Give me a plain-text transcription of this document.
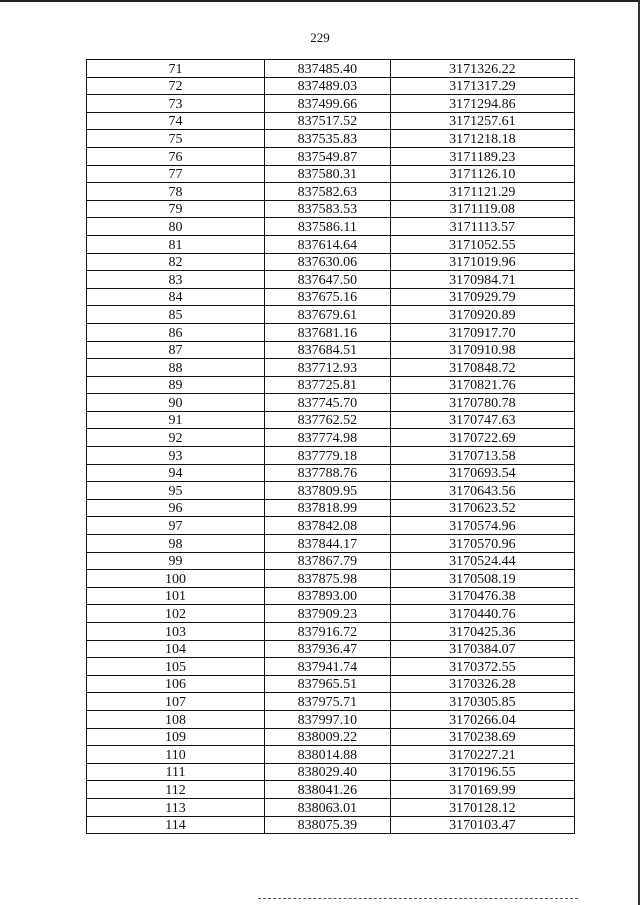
229
71	837485.40	3171326.22
72	837489.03	3171317.29
73	837499.66	3171294.86
74	837517.52	3171257.61
75	837535.83	3171218.18
76	837549.87	3171189.23
77	837580.31	3171126.10
78	837582.63	3171121.29
79	837583.53	3171119.08
80	837586.11	3171113.57
81	837614.64	3171052.55
82	837630.06	3171019.96
83	837647.50	3170984.71
84	837675.16	3170929.79
85	837679.61	3170920.89
86	837681.16	3170917.70
87	837684.51	3170910.98
88	837712.93	3170848.72
89	837725.81	3170821.76
90	837745.70	3170780.78
91	837762.52	3170747.63
92	837774.98	3170722.69
93	837779.18	3170713.58
94	837788.76	3170693.54
95	837809.95	3170643.56
96	837818.99	3170623.52
97	837842.08	3170574.96
98	837844.17	3170570.96
99	837867.79	3170524.44
100	837875.98	3170508.19
101	837893.00	3170476.38
102	837909.23	3170440.76
103	837916.72	3170425.36
104	837936.47	3170384.07
105	837941.74	3170372.55
106	837965.51	3170326.28
107	837975.71	3170305.85
108	837997.10	3170266.04
109	838009.22	3170238.69
110	838014.88	3170227.21
111	838029.40	3170196.55
112	838041.26	3170169.99
113	838063.01	3170128.12
114	838075.39	3170103.47
